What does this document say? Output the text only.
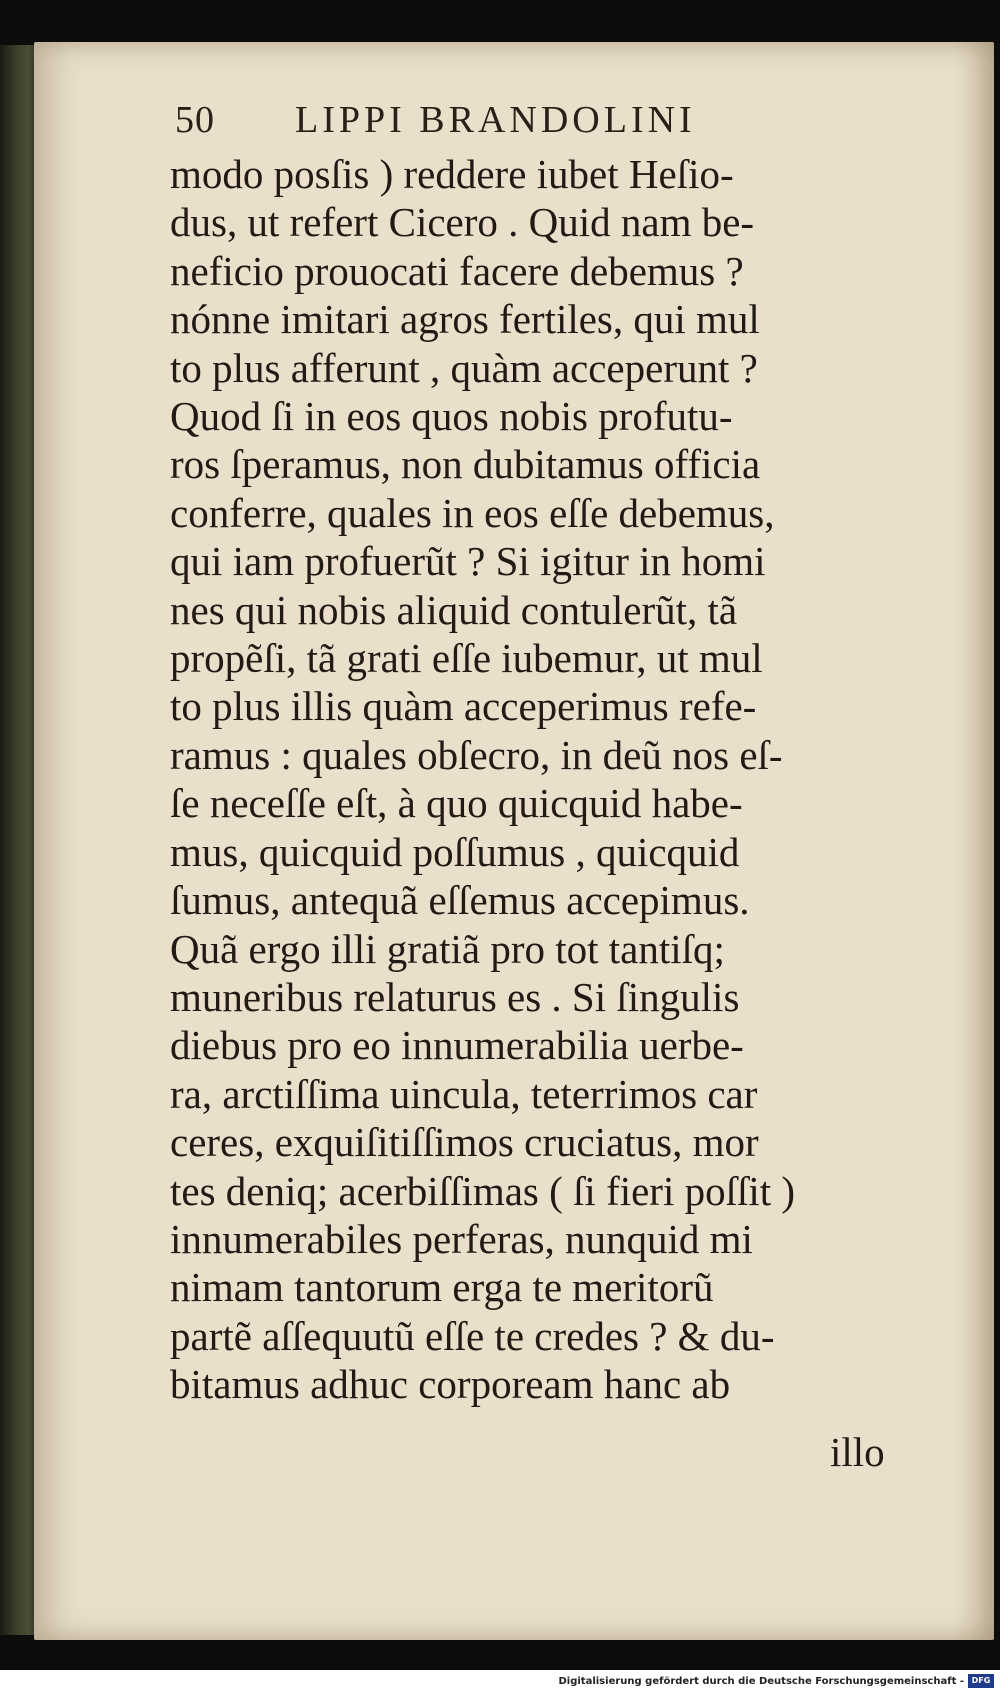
50 LIPPI BRANDOLINI
modo posſis ) reddere iubet Heſio-
dus, ut refert Cicero . Quid nam be-
neficio prouocati facere debemus ?
nónne imitari agros fertiles, qui mul
to plus afferunt , quàm acceperunt ?
Quod ſi in eos quos nobis profutu-
ros ſperamus, non dubitamus officia
conferre, quales in eos eſſe debemus,
qui iam profuerũt ? Si igitur in homi
nes qui nobis aliquid contulerũt, tã
propẽſi, tã grati eſſe iubemur, ut mul
to plus illis quàm acceperimus refe-
ramus : quales obſecro, in deũ nos eſ-
ſe neceſſe eſt, à quo quicquid habe-
mus, quicquid poſſumus , quicquid
ſumus, antequã eſſemus accepimus.
Quã ergo illi gratiã pro tot tantiſq;
muneribus relaturus es . Si ſingulis
diebus pro eo innumerabilia uerbe-
ra, arctiſſima uincula, teterrimos car
ceres, exquiſitiſſimos cruciatus, mor
tes deniq; acerbiſſimas ( ſi fieri poſſit )
innumerabiles perferas, nunquid mi
nimam tantorum erga te meritorũ
partẽ aſſequutũ eſſe te credes ? & du-
bitamus adhuc corpoream hanc ab
illo
Digitalisierung gefördert durch die Deutsche Forschungsgemeinschaft - DFG
